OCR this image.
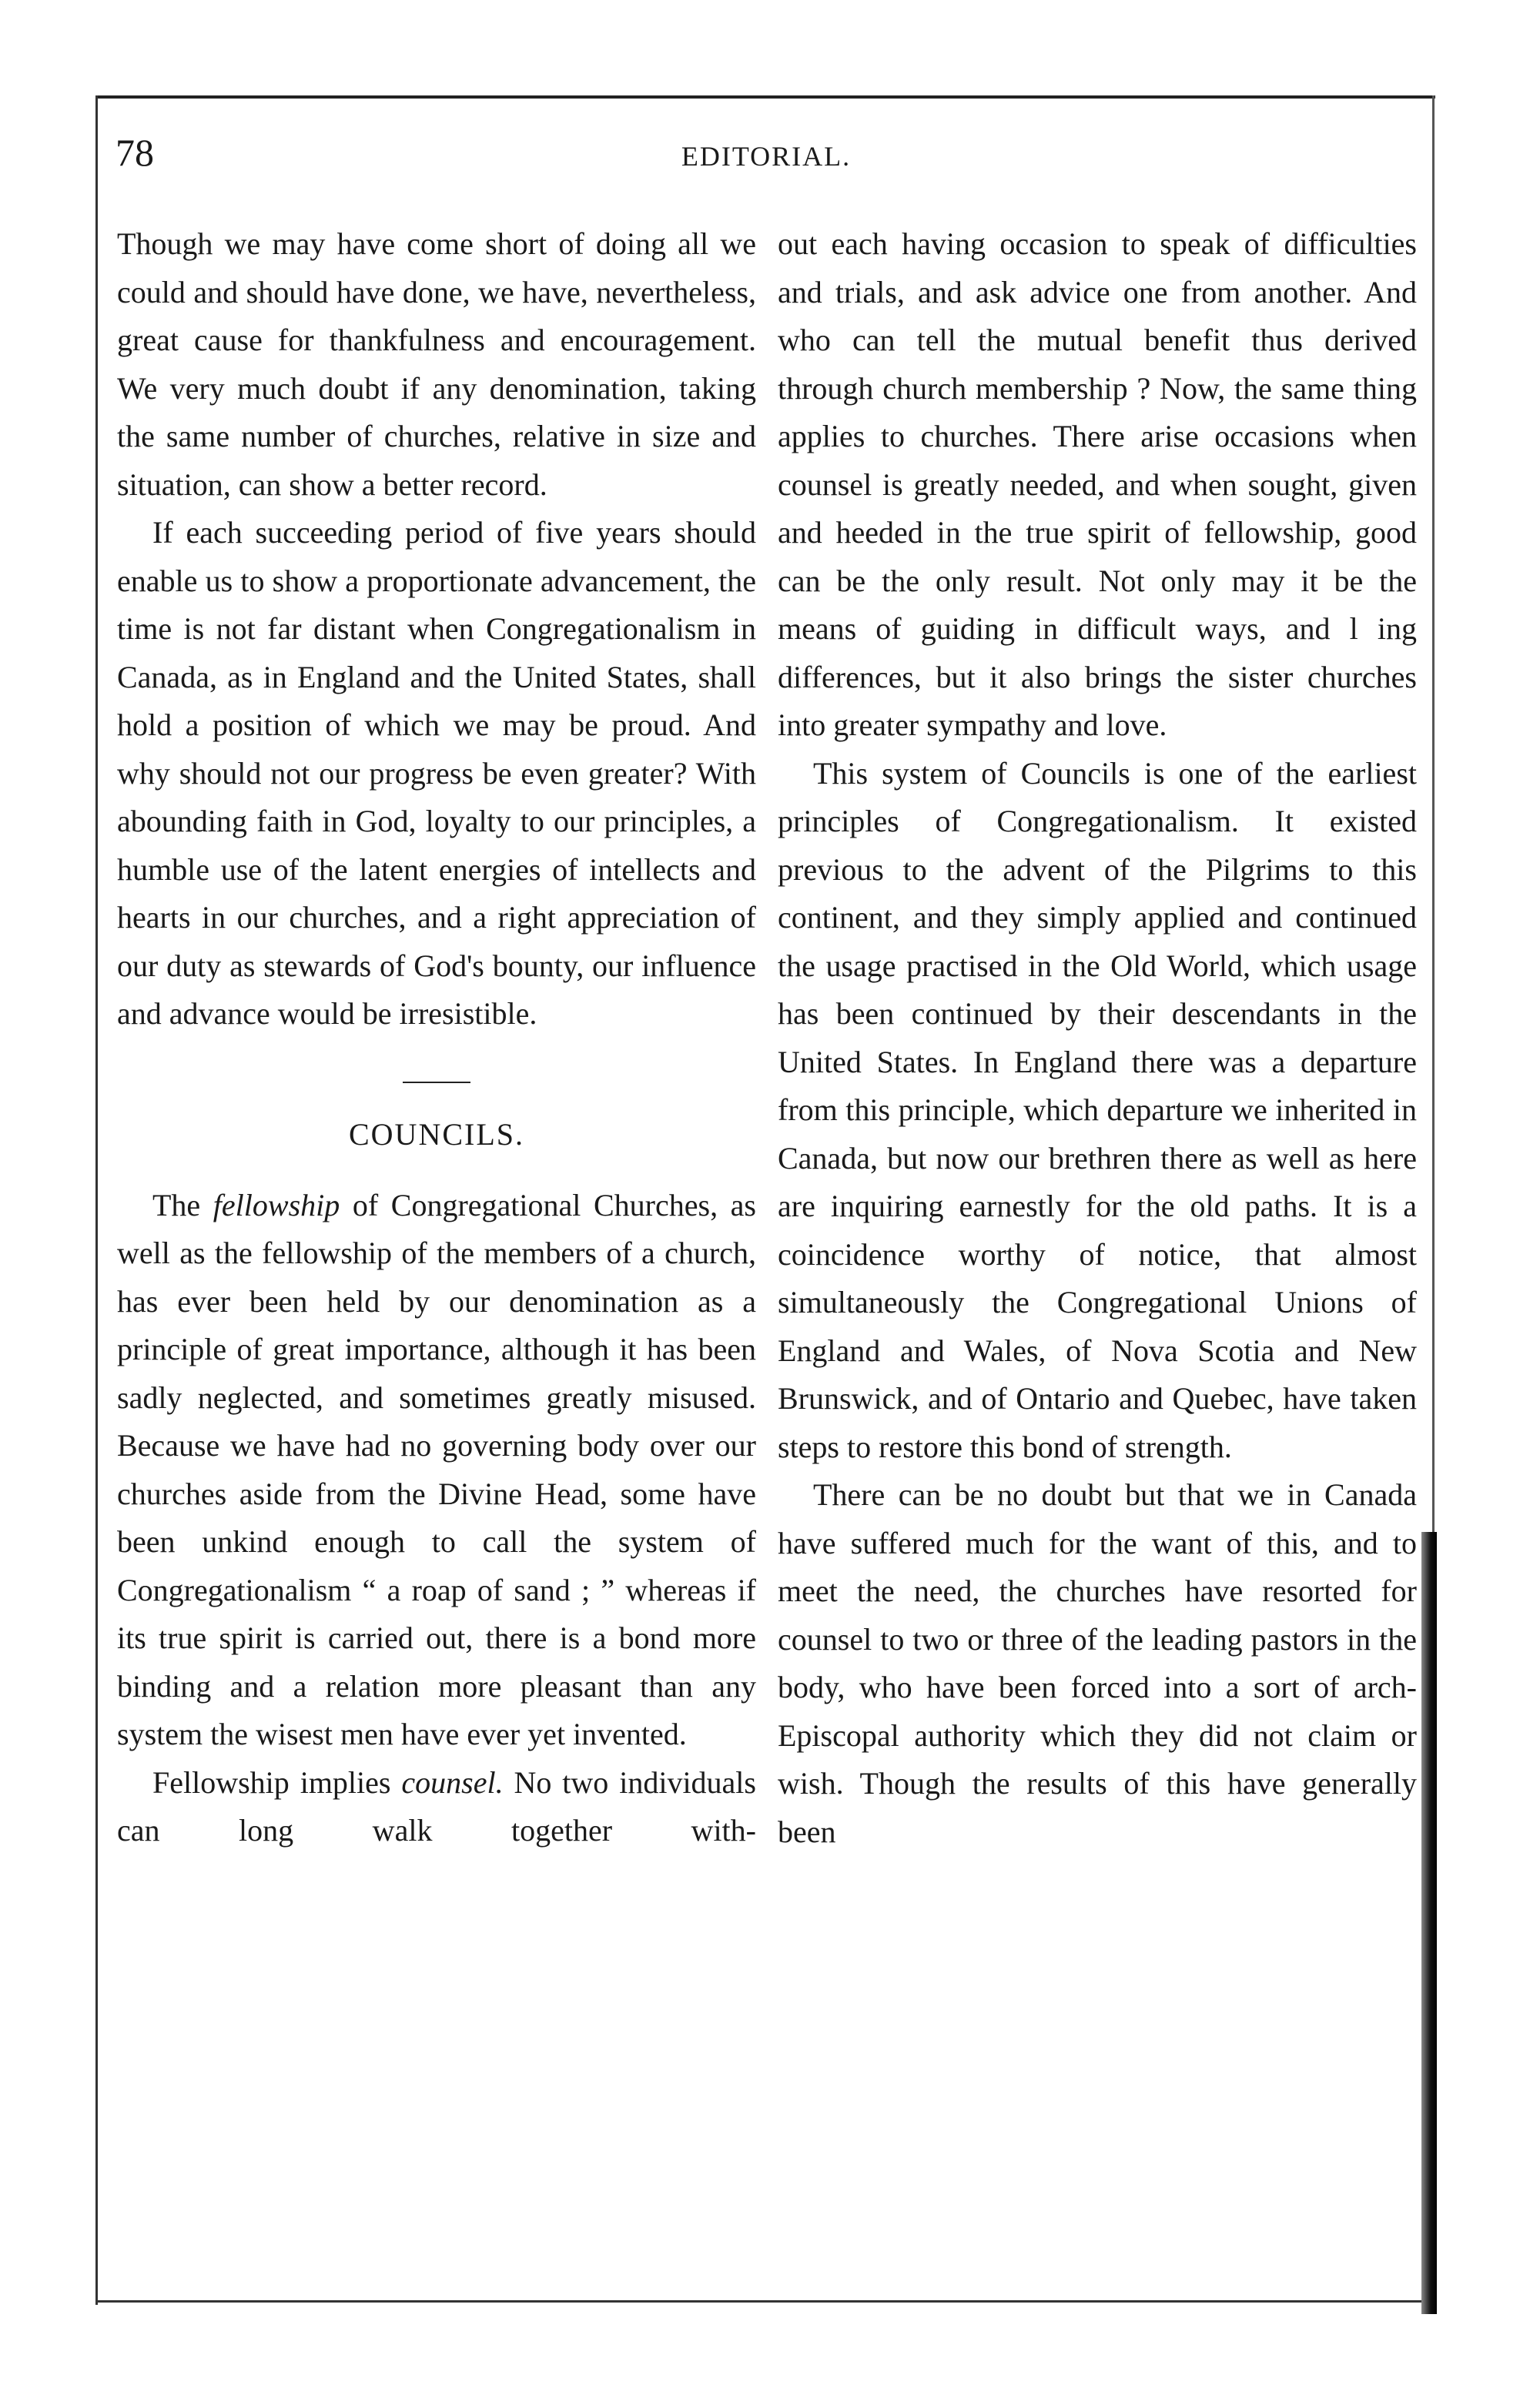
78	EDITORIAL.

Though we may have come short of doing all we could and should have done, we have, nevertheless, great cause for thankfulness and encouragement. We very much doubt if any denomination, taking the same number of churches, relative in size and situation, can show a better record.

If each succeeding period of five years should enable us to show a proportionate advancement, the time is not far distant when Congregationalism in Canada, as in England and the United States, shall hold a position of which we may be proud. And why should not our progress be even greater? With abounding faith in God, loyalty to our principles, a humble use of the latent energies of intellects and hearts in our churches, and a right appreciation of our duty as stewards of God's bounty, our influence and advance would be irresistible.

COUNCILS.

The fellowship of Congregational Churches, as well as the fellowship of the members of a church, has ever been held by our denomination as a principle of great importance, although it has been sadly neglected, and sometimes greatly misused. Because we have had no governing body over our churches aside from the Divine Head, some have been unkind enough to call the system of Congregationalism “ a roap of sand ; ” whereas if its true spirit is carried out, there is a bond more binding and a relation more pleasant than any system the wisest men have ever yet invented.

Fellowship implies counsel. No two individuals can long walk together with-

out each having occasion to speak of difficulties and trials, and ask advice one from another. And who can tell the mutual benefit thus derived through church membership ? Now, the same thing applies to churches. There arise occasions when counsel is greatly needed, and when sought, given and heeded in the true spirit of fellowship, good can be the only result. Not only may it be the means of guiding in difficult ways, and l ing differences, but it also brings the sister churches into greater sympathy and love.

This system of Councils is one of the earliest principles of Congregationalism. It existed previous to the advent of the Pilgrims to this continent, and they simply applied and continued the usage practised in the Old World, which usage has been continued by their descendants in the United States. In England there was a departure from this principle, which departure we inherited in Canada, but now our brethren there as well as here are inquiring earnestly for the old paths. It is a coincidence worthy of notice, that almost simultaneously the Congregational Unions of England and Wales, of Nova Scotia and New Brunswick, and of Ontario and Quebec, have taken steps to restore this bond of strength.

There can be no doubt but that we in Canada have suffered much for the want of this, and to meet the need, the churches have resorted for counsel to two or three of the leading pastors in the body, who have been forced into a sort of arch-Episcopal authority which they did not claim or wish. Though the results of this have generally been
